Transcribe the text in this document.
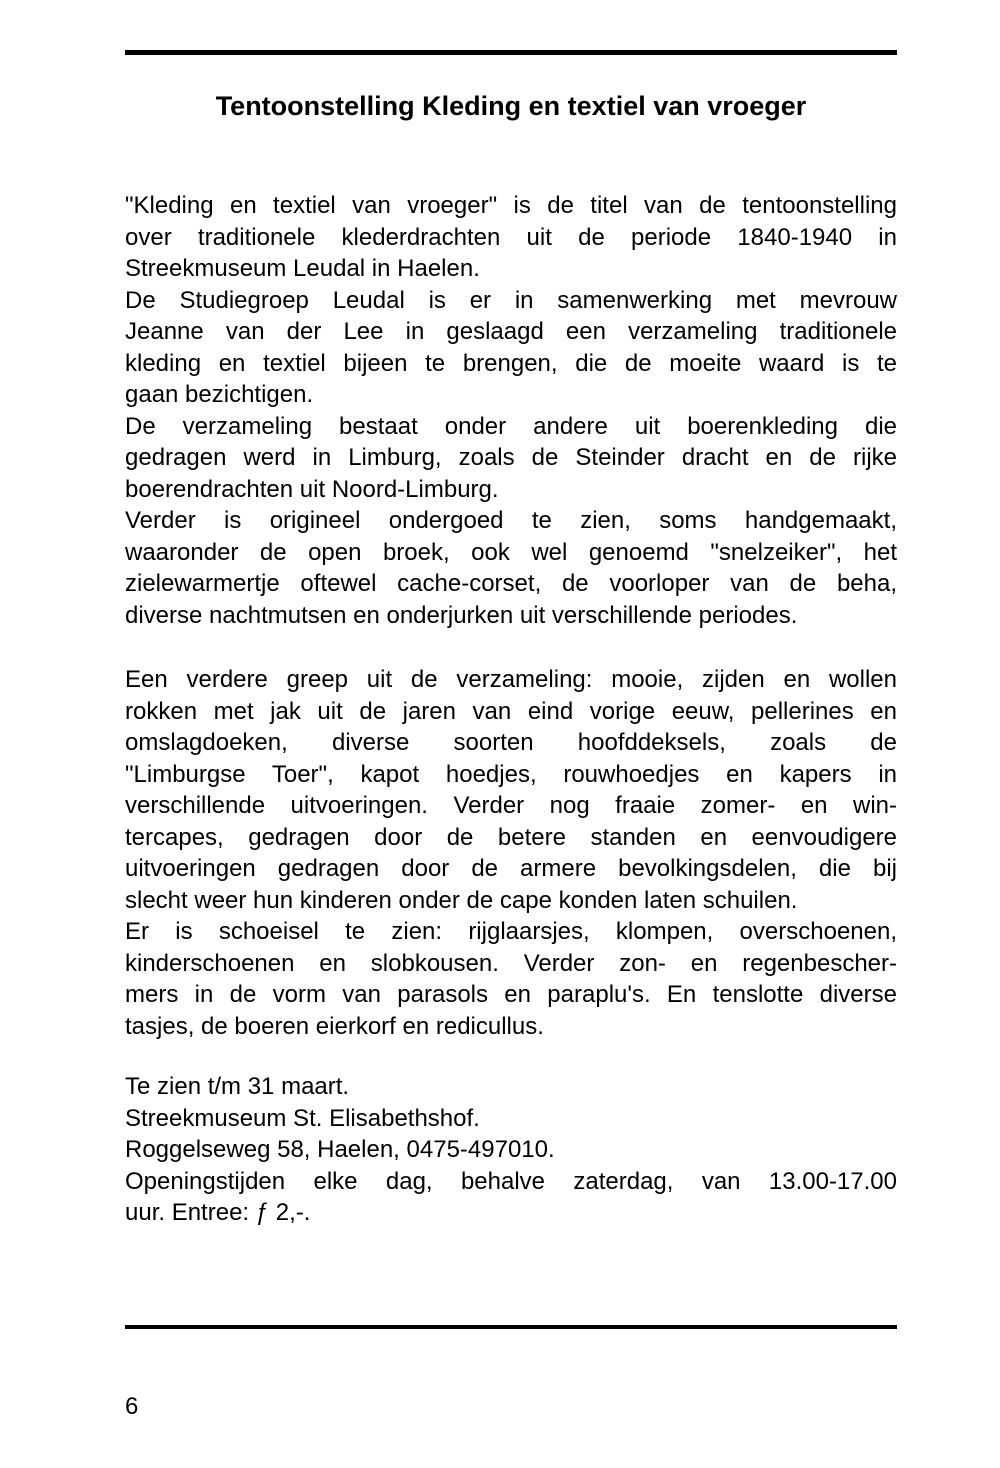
Tentoonstelling Kleding en textiel van vroeger
"Kleding en textiel van vroeger" is de titel van de tentoonstelling
over traditionele klederdrachten uit de periode 1840-1940 in
Streekmuseum Leudal in Haelen.
De Studiegroep Leudal is er in samenwerking met mevrouw
Jeanne van der Lee in geslaagd een verzameling traditionele
kleding en textiel bijeen te brengen, die de moeite waard is te
gaan bezichtigen.
De verzameling bestaat onder andere uit boerenkleding die
gedragen werd in Limburg, zoals de Steinder dracht en de rijke
boerendrachten uit Noord-Limburg.
Verder is origineel ondergoed te zien, soms handgemaakt,
waaronder de open broek, ook wel genoemd "snelzeiker", het
zielewarmertje oftewel cache-corset, de voorloper van de beha,
diverse nachtmutsen en onderjurken uit verschillende periodes.
Een verdere greep uit de verzameling: mooie, zijden en wollen
rokken met jak uit de jaren van eind vorige eeuw, pellerines en
omslagdoeken, diverse soorten hoofddeksels, zoals de
"Limburgse Toer", kapot hoedjes, rouwhoedjes en kapers in
verschillende uitvoeringen. Verder nog fraaie zomer- en win-
tercapes, gedragen door de betere standen en eenvoudigere
uitvoeringen gedragen door de armere bevolkingsdelen, die bij
slecht weer hun kinderen onder de cape konden laten schuilen.
Er is schoeisel te zien: rijglaarsjes, klompen, overschoenen,
kinderschoenen en slobkousen. Verder zon- en regenbescher-
mers in de vorm van parasols en paraplu's. En tenslotte diverse
tasjes, de boeren eierkorf en redicullus.
Te zien t/m 31 maart.
Streekmuseum St. Elisabethshof.
Roggelseweg 58, Haelen, 0475-497010.
Openingstijden elke dag, behalve zaterdag, van 13.00-17.00
uur. Entree: ƒ 2,-.
6
